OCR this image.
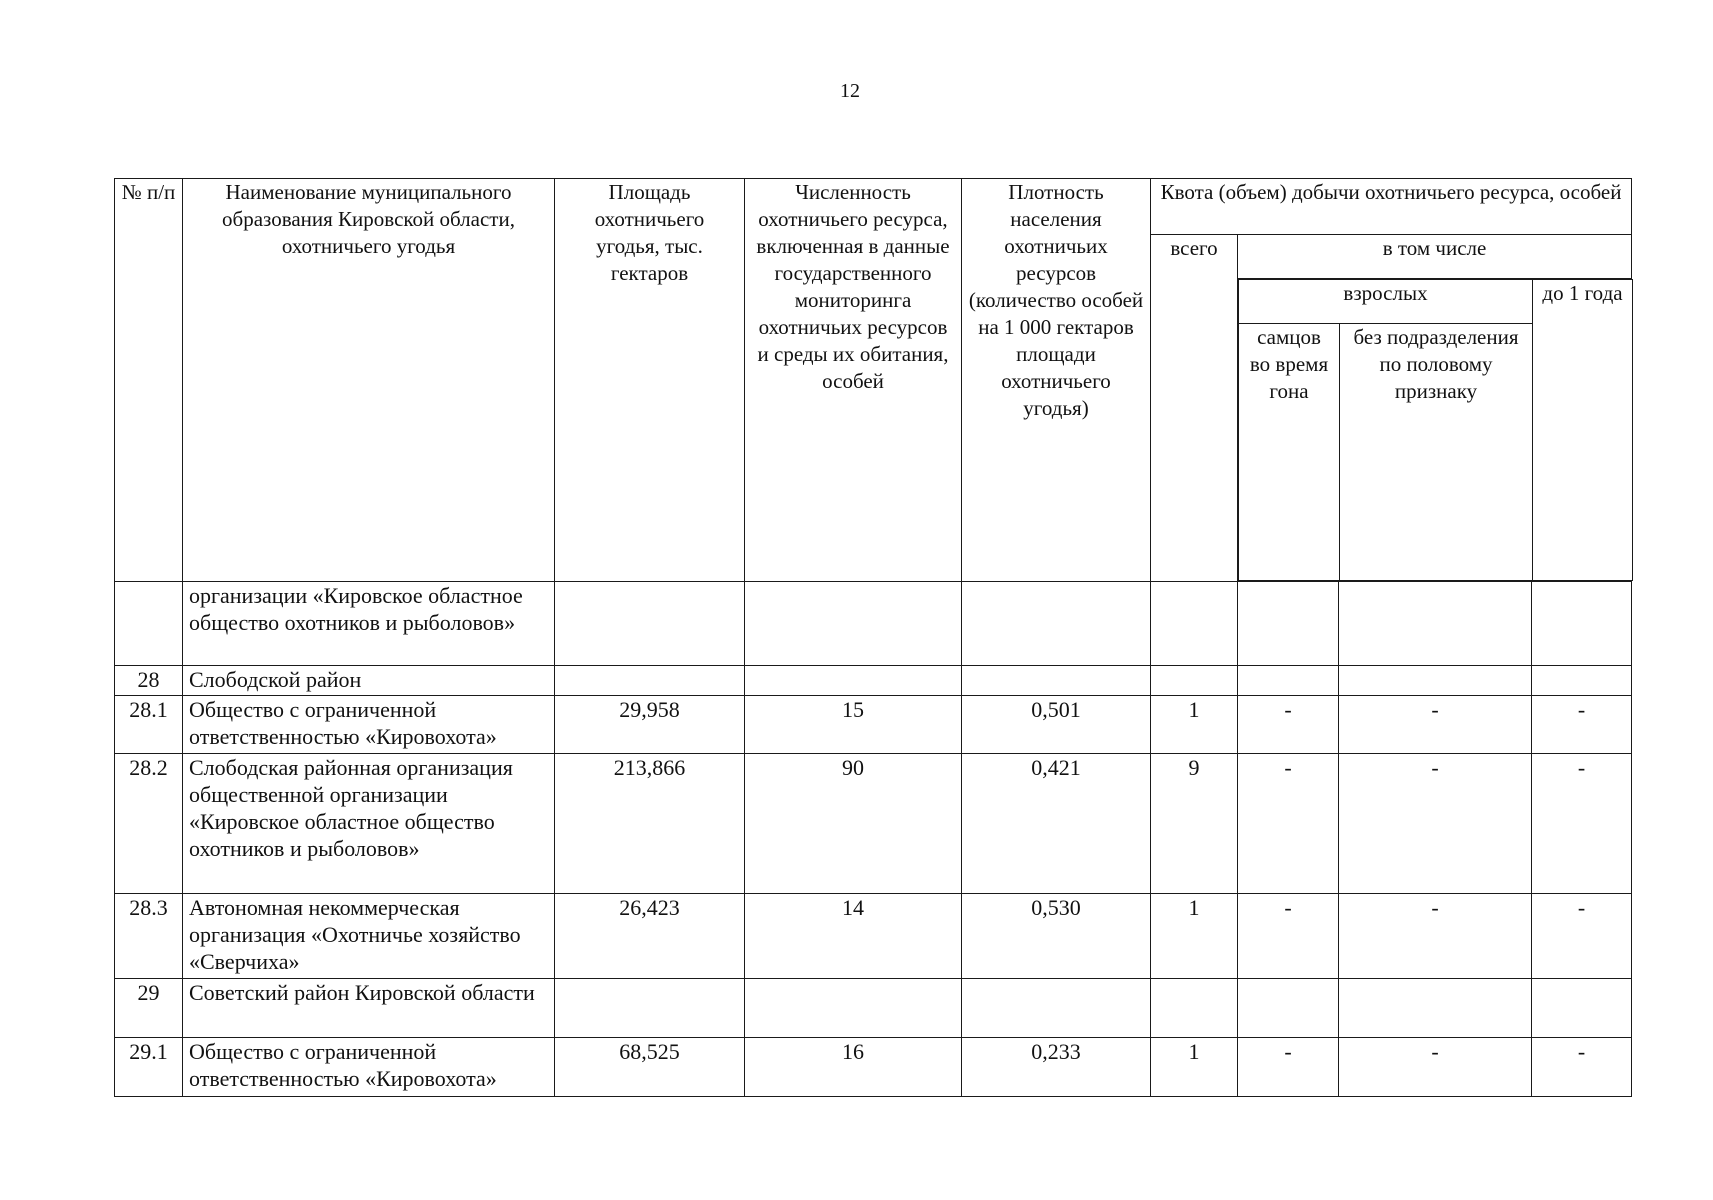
12
№ п/п	Наименование муниципального образования Кировской области, охотничьего угодья	Площадь охотничьего угодья, тыс. гектаров	Численность охотничьего ресурса, включенная в данные государственного мониторинга охотничьих ресурсов и среды их обитания, особей	Плотность населения охотничьих ресурсов (количество особей на 1 000 гектаров площади охотничьего угодья)	Квота (объем) добычи охотничьего ресурса, особей
всего	в том числе

взрослых	до 1 года
самцов во время гона	без подразделения по половому признаку

	организации «Кировское областное общество охотников и рыболовов»							
28	Слободской район							
28.1	Общество с ограниченной ответственностью «Кировохота»	29,958	15	0,501	1	-	-	-
28.2	Слободская районная организация общественной организации «Кировское областное общество охотников и рыболовов»	213,866	90	0,421	9	-	-	-
28.3	Автономная некоммерческая организация «Охотничье хозяйство «Сверчиха»	26,423	14	0,530	1	-	-	-
29	Советский район Кировской области							
29.1	Общество с ограниченной ответственностью «Кировохота»	68,525	16	0,233	1	-	-	-
